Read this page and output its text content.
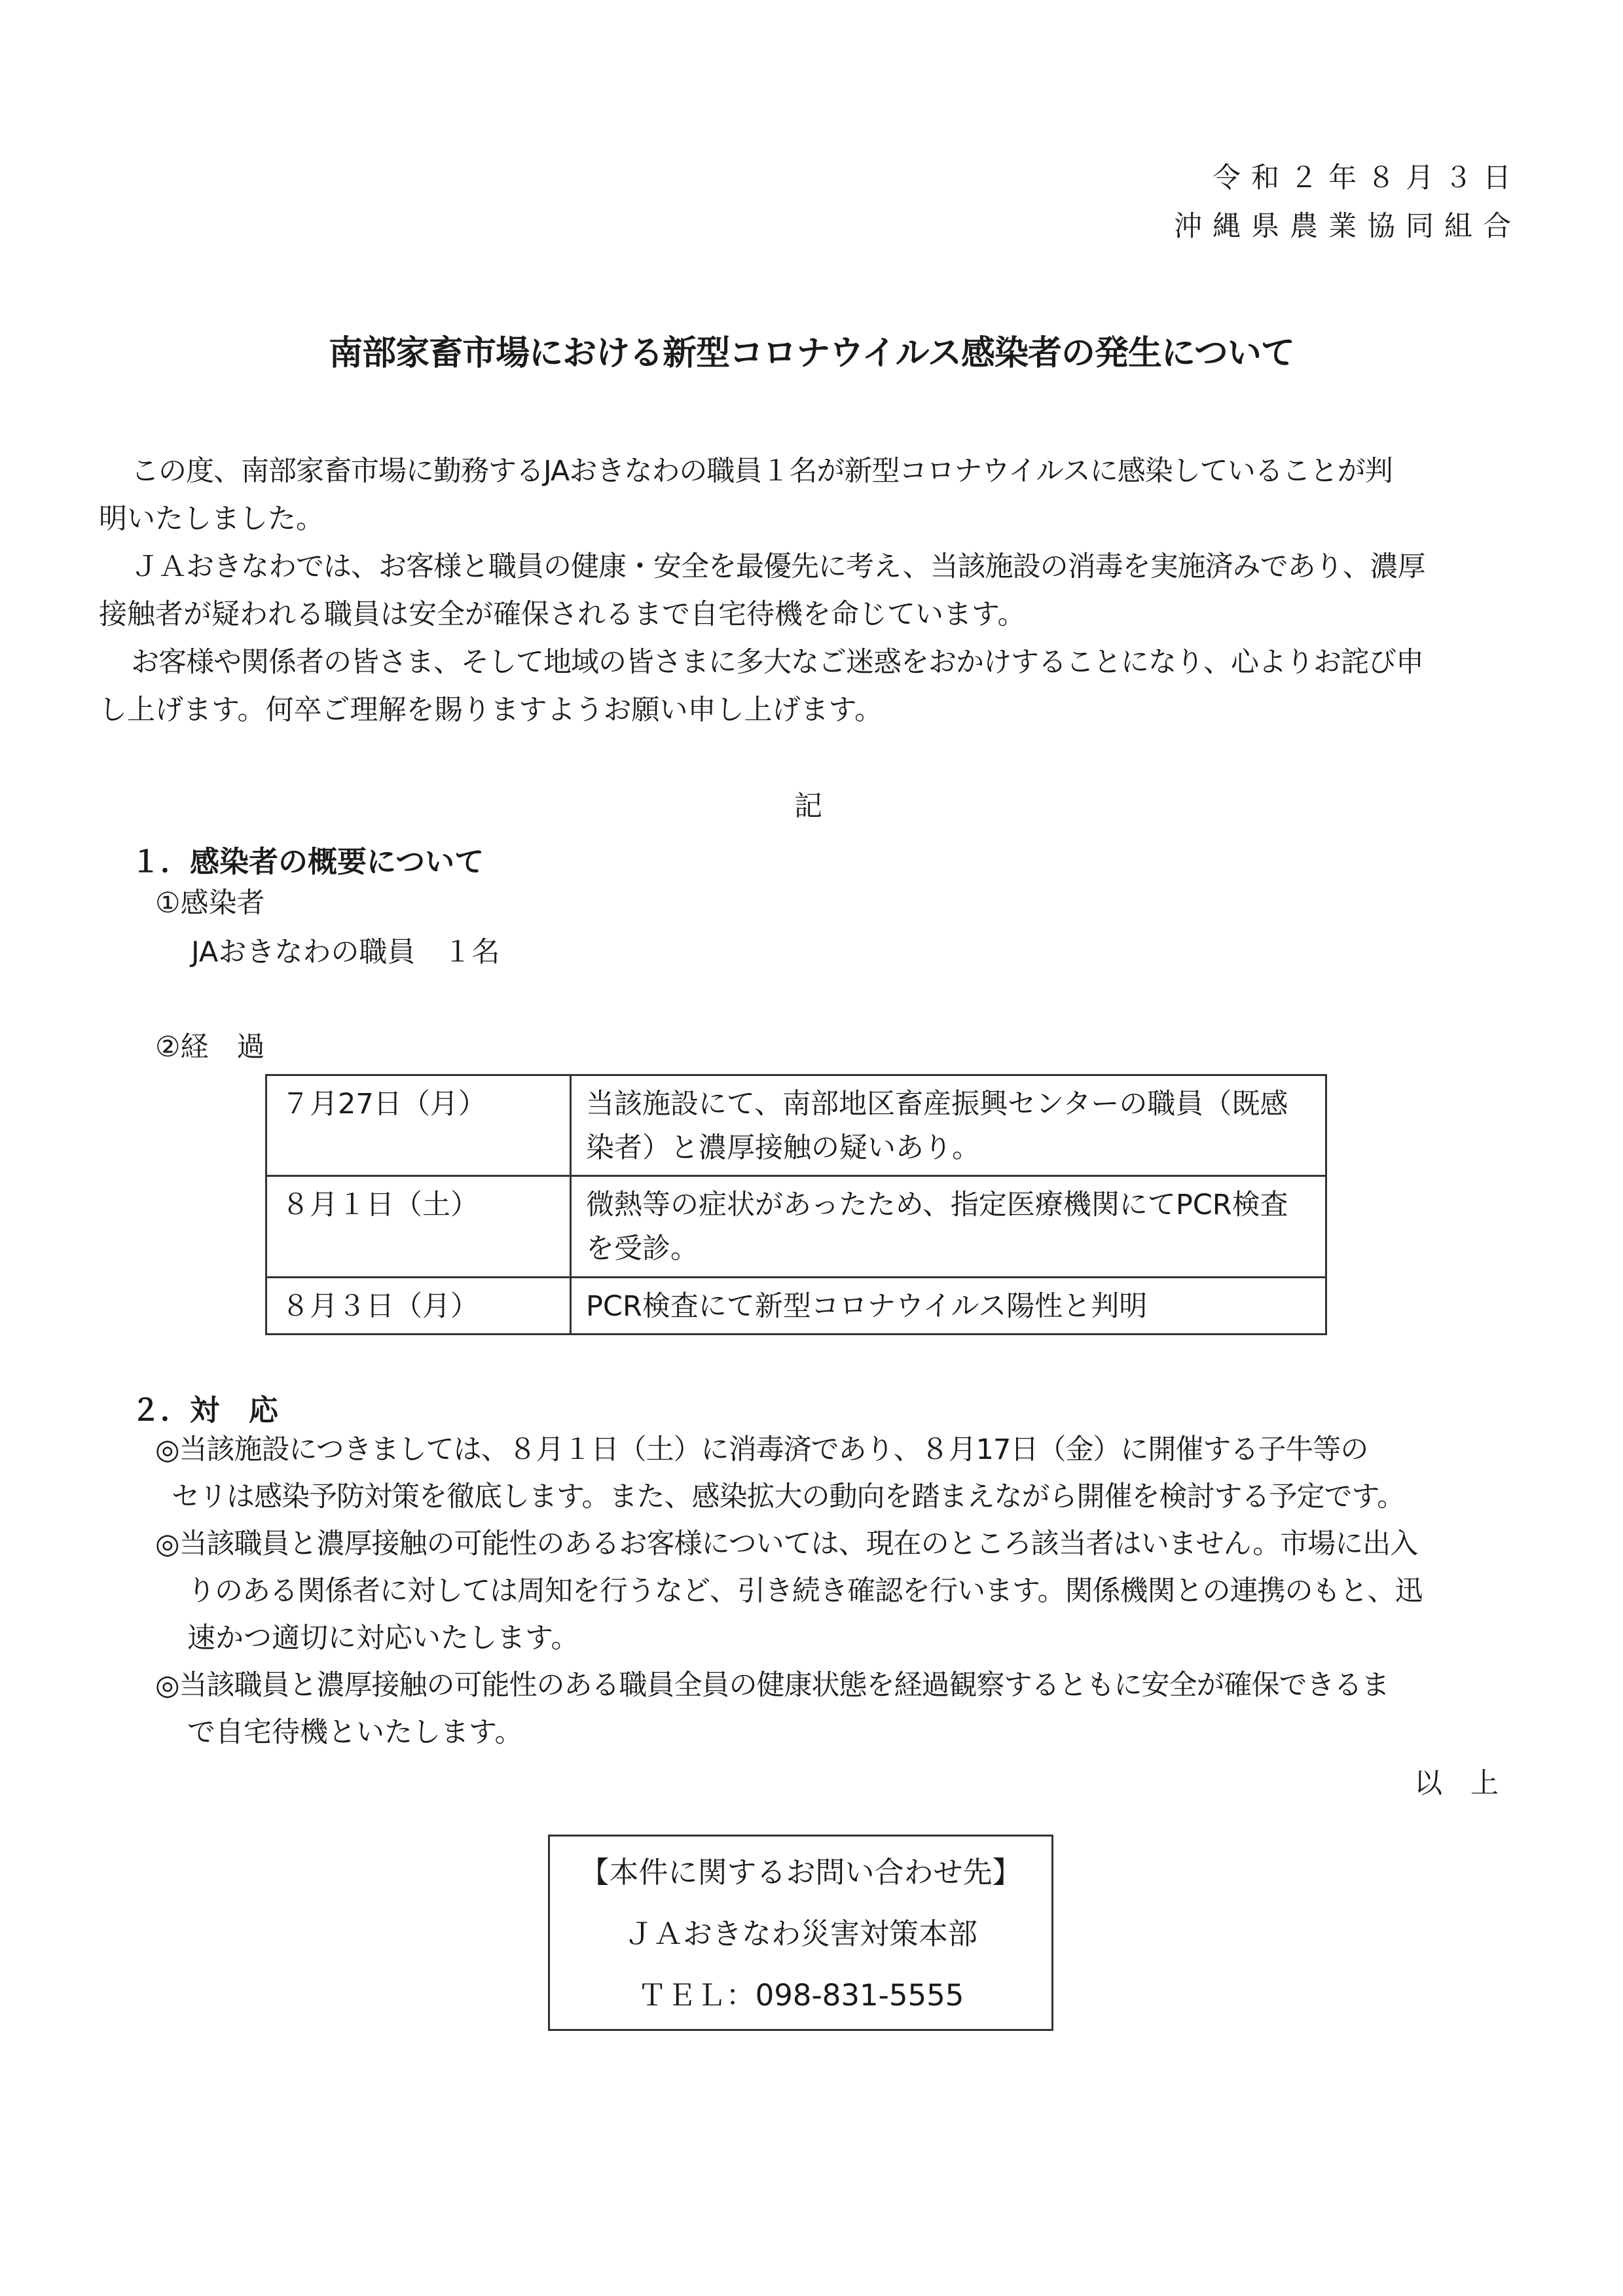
令和２年８月３日
沖縄県農業協同組合
南部家畜市場における新型コロナウイルス感染者の発生について
この度、南部家畜市場に勤務するJAおきなわの職員１名が新型コロナウイルスに感染していることが判
明いたしました。
ＪＡおきなわでは、お客様と職員の健康・安全を最優先に考え、当該施設の消毒を実施済みであり、濃厚
接触者が疑われる職員は安全が確保されるまで自宅待機を命じています。
お客様や関係者の皆さま、そして地域の皆さまに多大なご迷惑をおかけすることになり、心よりお詫び申
し上げます。何卒ご理解を賜りますようお願い申し上げます。
記
１．感染者の概要について
①感染者
JAおきなわの職員　１名
②経　過
７月27日（月）	当該施設にて、南部地区畜産振興センターの職員（既感染者）と濃厚接触の疑いあり。
８月１日（土）	微熱等の症状があったため、指定医療機関にてPCR検査を受診。
８月３日（月）	PCR検査にて新型コロナウイルス陽性と判明
２．対　応
◎当該施設につきましては、８月１日（土）に消毒済であり、８月17日（金）に開催する子牛等の
セリは感染予防対策を徹底します。また、感染拡大の動向を踏まえながら開催を検討する予定です。
◎当該職員と濃厚接触の可能性のあるお客様については、現在のところ該当者はいません。市場に出入
りのある関係者に対しては周知を行うなど、引き続き確認を行います。関係機関との連携のもと、迅
速かつ適切に対応いたします。
◎当該職員と濃厚接触の可能性のある職員全員の健康状態を経過観察するともに安全が確保できるま
で自宅待機といたします。
以　上
【本件に関するお問い合わせ先】
ＪＡおきなわ災害対策本部
ＴＥＬ：098-831-5555
